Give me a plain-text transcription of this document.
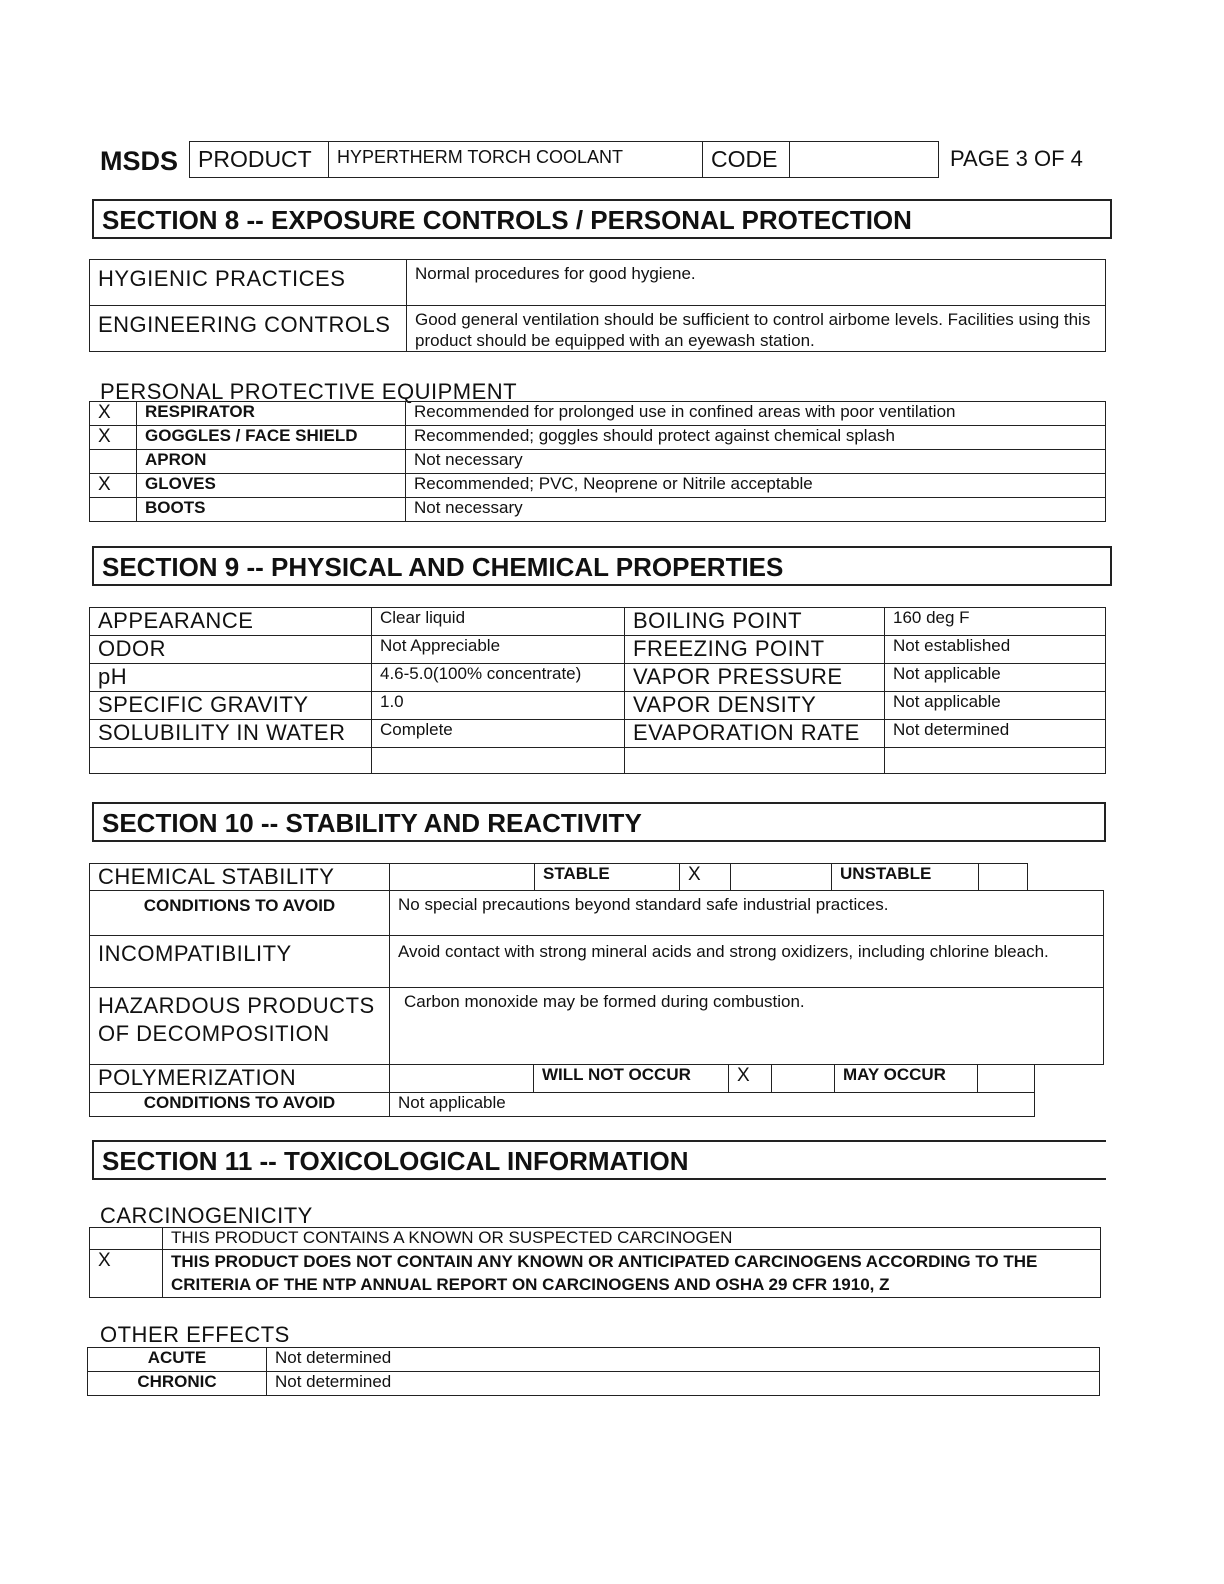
MSDS PRODUCT	HYPERTHERM TORCH COOLANT	CODE		PAGE 3 OF 4
SECTION 8 -- EXPOSURE CONTROLS / PERSONAL PROTECTION
HYGIENIC PRACTICES	Normal procedures for good hygiene.
ENGINEERING CONTROLS	Good general ventilation should be sufficient to control airbome levels. Facilities using this product should be equipped with an eyewash station.
PERSONAL PROTECTIVE EQUIPMENT
X	RESPIRATOR	Recommended for prolonged use in confined areas with poor ventilation
X	GOGGLES / FACE SHIELD	Recommended; goggles should protect against chemical splash
	APRON	Not necessary
X	GLOVES	Recommended; PVC, Neoprene or Nitrile acceptable
	BOOTS	Not necessary
SECTION 9 -- PHYSICAL AND CHEMICAL PROPERTIES
APPEARANCE	Clear liquid	BOILING POINT	160 deg F
ODOR	Not Appreciable	FREEZING POINT	Not established
pH	4.6-5.0(100% concentrate)	VAPOR PRESSURE	Not applicable
SPECIFIC GRAVITY	1.0	VAPOR DENSITY	Not applicable
SOLUBILITY IN WATER	Complete	EVAPORATION RATE	Not determined

SECTION 10 -- STABILITY AND REACTIVITY
CHEMICAL STABILITY		STABLE	X		UNSTABLE	
CONDITIONS TO AVOID	No special precautions beyond standard safe industrial practices.
INCOMPATIBILITY	Avoid contact with strong mineral acids and strong oxidizers, including chlorine bleach.

HAZARDOUS PRODUCTS
OF DECOMPOSITION	Carbon monoxide may be formed during combustion.
POLYMERIZATION		WILL NOT OCCUR	X		MAY OCCUR	
CONDITIONS TO AVOID	Not applicable					
SECTION 11 -- TOXICOLOGICAL INFORMATION
CARCINOGENICITY
	THIS PRODUCT CONTAINS A KNOWN OR SUSPECTED CARCINOGEN
X	THIS PRODUCT DOES NOT CONTAIN ANY KNOWN OR ANTICIPATED CARCINOGENS ACCORDING TO THE CRITERIA OF THE NTP ANNUAL REPORT ON CARCINOGENS AND OSHA 29 CFR 1910, Z
OTHER EFFECTS
ACUTE	Not determined
CHRONIC	Not determined
